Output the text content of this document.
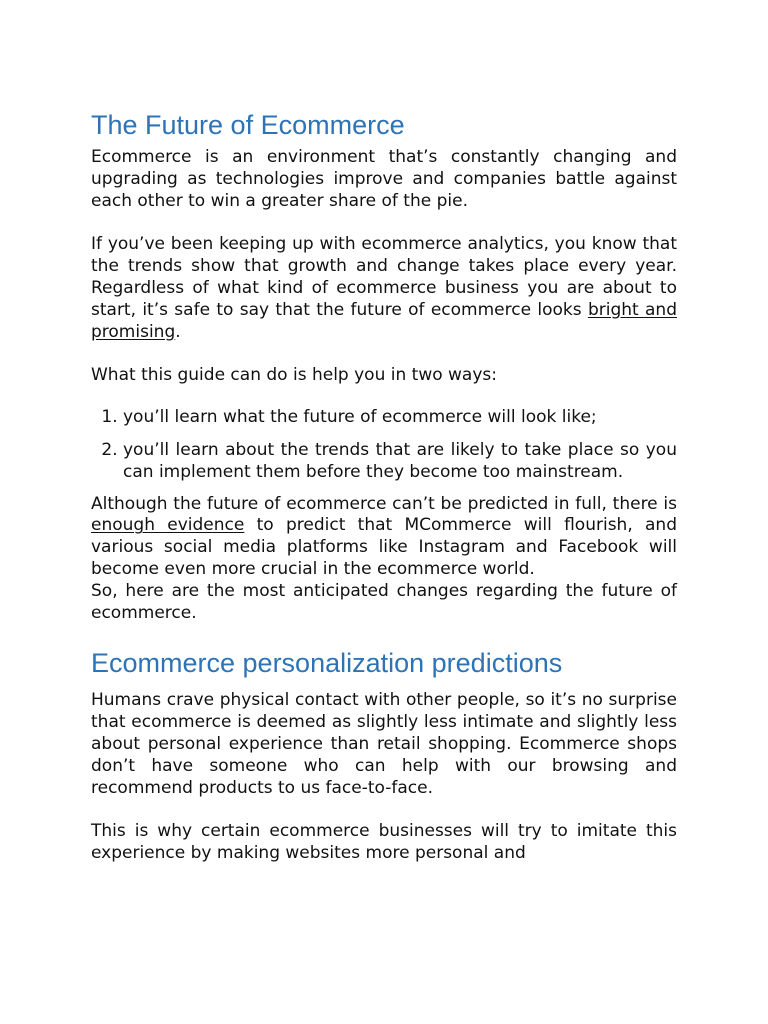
The Future of Ecommerce

Ecommerce is an environment that’s constantly changing and upgrading as technologies improve and companies battle against each other to win a greater share of the pie.

If you’ve been keeping up with ecommerce analytics, you know that the trends show that growth and change takes place every year. Regardless of what kind of ecommerce business you are about to start, it’s safe to say that the future of ecommerce looks bright and promising.

What this guide can do is help you in two ways:

1. you’ll learn what the future of ecommerce will look like;
2. you’ll learn about the trends that are likely to take place so you can implement them before they become too mainstream.

Although the future of ecommerce can’t be predicted in full, there is enough evidence to predict that MCommerce will flourish, and various social media platforms like Instagram and Facebook will become even more crucial in the ecommerce world.

So, here are the most anticipated changes regarding the future of ecommerce.

Ecommerce personalization predictions

Humans crave physical contact with other people, so it’s no surprise that ecommerce is deemed as slightly less intimate and slightly less about personal experience than retail shopping. Ecommerce shops don’t have someone who can help with our browsing and recommend products to us face-to-face.

This is why certain ecommerce businesses will try to imitate this experience by making websites more personal and
